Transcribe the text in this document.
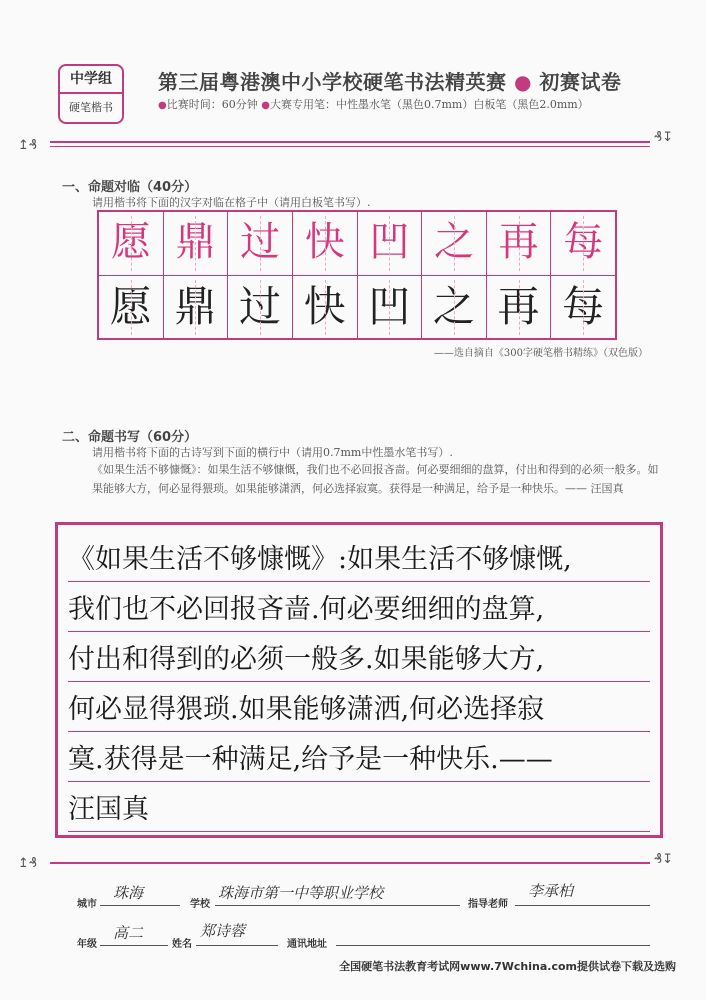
中学组
硬笔楷书
第三届粤港澳中小学校硬笔书法精英赛 ● 初赛试卷
●比赛时间：60分钟 ●大赛专用笔：中性墨水笔（黑色0.7mm）白板笔（黑色2.0mm）
↥₰
₰↧
一、命题对临（40分）
请用楷书将下面的汉字对临在格子中（请用白板笔书写）.
愿 鼎 过 快 凹 之 再 每
愿 鼎 过 快 凹 之 再 每
——选自摘自《300字硬笔楷书精练》（双色版）
二、命题书写（60分）
请用楷书将下面的古诗写到下面的横行中（请用0.7mm中性墨水笔书写）.
《如果生活不够慷慨》：如果生活不够慷慨，我们也不必回报吝啬。何必要细细的盘算，付出和得到的必须一般多。如果能够大方，何必显得猥琐。如果能够潇洒，何必选择寂寞。获得是一种满足，给予是一种快乐。—— 汪国真
《如果生活不够慷慨》:如果生活不够慷慨,
我们也不必回报吝啬.何必要细细的盘算,
付出和得到的必须一般多.如果能够大方,
何必显得猥琐.如果能够潇洒,何必选择寂
寞.获得是一种满足,给予是一种快乐.——
汪国真
↥₰	₰↧
城市
珠海
学校
珠海市第一中等职业学校
指导老师
李承柏
年级
高二
姓名
郑诗蓉
通讯地址
全国硬笔书法教育考试网www.7Wchina.com提供试卷下载及选购
